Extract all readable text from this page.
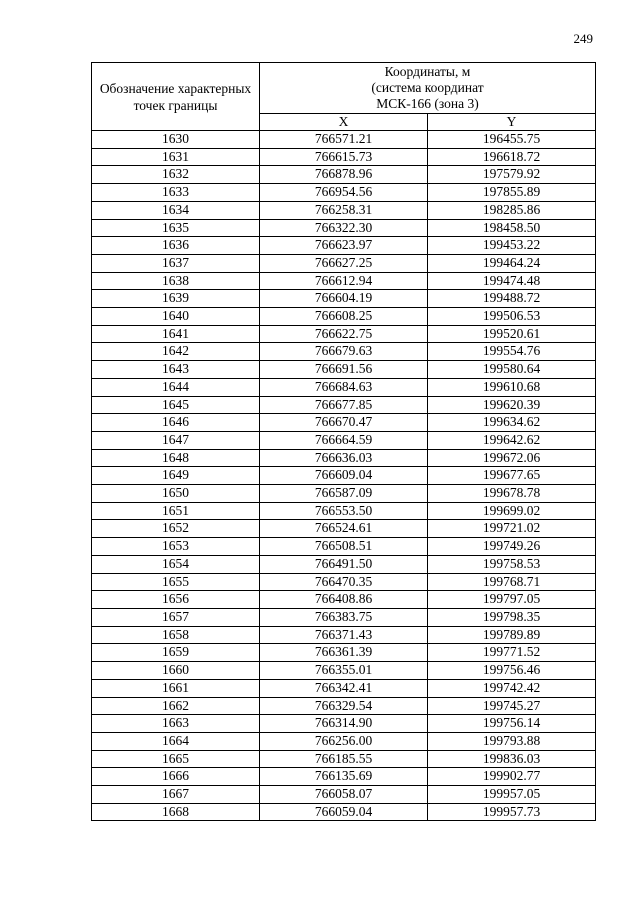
249
Обозначение характерных точек границы	Координаты, м
(система координат
МСК-166 (зона 3)	

	X	Y
1630	766571.21	196455.75
1631	766615.73	196618.72
1632	766878.96	197579.92
1633	766954.56	197855.89
1634	766258.31	198285.86
1635	766322.30	198458.50
1636	766623.97	199453.22
1637	766627.25	199464.24
1638	766612.94	199474.48
1639	766604.19	199488.72
1640	766608.25	199506.53
1641	766622.75	199520.61
1642	766679.63	199554.76
1643	766691.56	199580.64
1644	766684.63	199610.68
1645	766677.85	199620.39
1646	766670.47	199634.62
1647	766664.59	199642.62
1648	766636.03	199672.06
1649	766609.04	199677.65
1650	766587.09	199678.78
1651	766553.50	199699.02
1652	766524.61	199721.02
1653	766508.51	199749.26
1654	766491.50	199758.53
1655	766470.35	199768.71
1656	766408.86	199797.05
1657	766383.75	199798.35
1658	766371.43	199789.89
1659	766361.39	199771.52
1660	766355.01	199756.46
1661	766342.41	199742.42
1662	766329.54	199745.27
1663	766314.90	199756.14
1664	766256.00	199793.88
1665	766185.55	199836.03
1666	766135.69	199902.77
1667	766058.07	199957.05
1668	766059.04	199957.73
